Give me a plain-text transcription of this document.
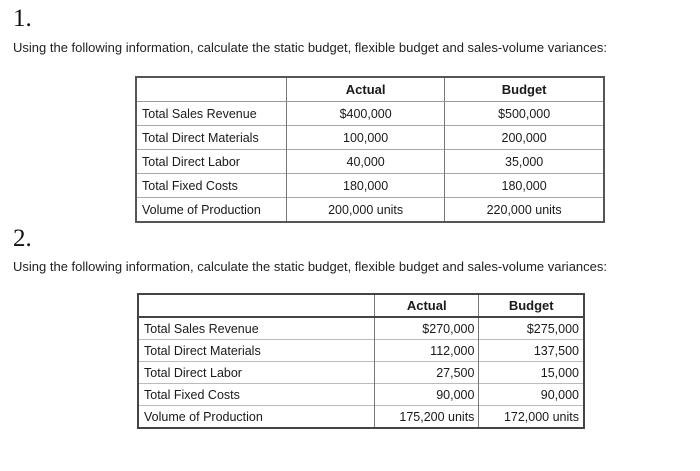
1.
Using the following information, calculate the static budget, flexible budget and sales-volume variances:
	Actual	Budget
Total Sales Revenue	$400,000	$500,000
Total Direct Materials	100,000	200,000
Total Direct Labor	40,000	35,000
Total Fixed Costs	180,000	180,000
Volume of Production	200,000 units	220,000 units
2.
Using the following information, calculate the static budget, flexible budget and sales-volume variances:
	Actual	Budget
Total Sales Revenue	$270,000	$275,000
Total Direct Materials	112,000	137,500
Total Direct Labor	27,500	15,000
Total Fixed Costs	90,000	90,000
Volume of Production	175,200 units	172,000 units
